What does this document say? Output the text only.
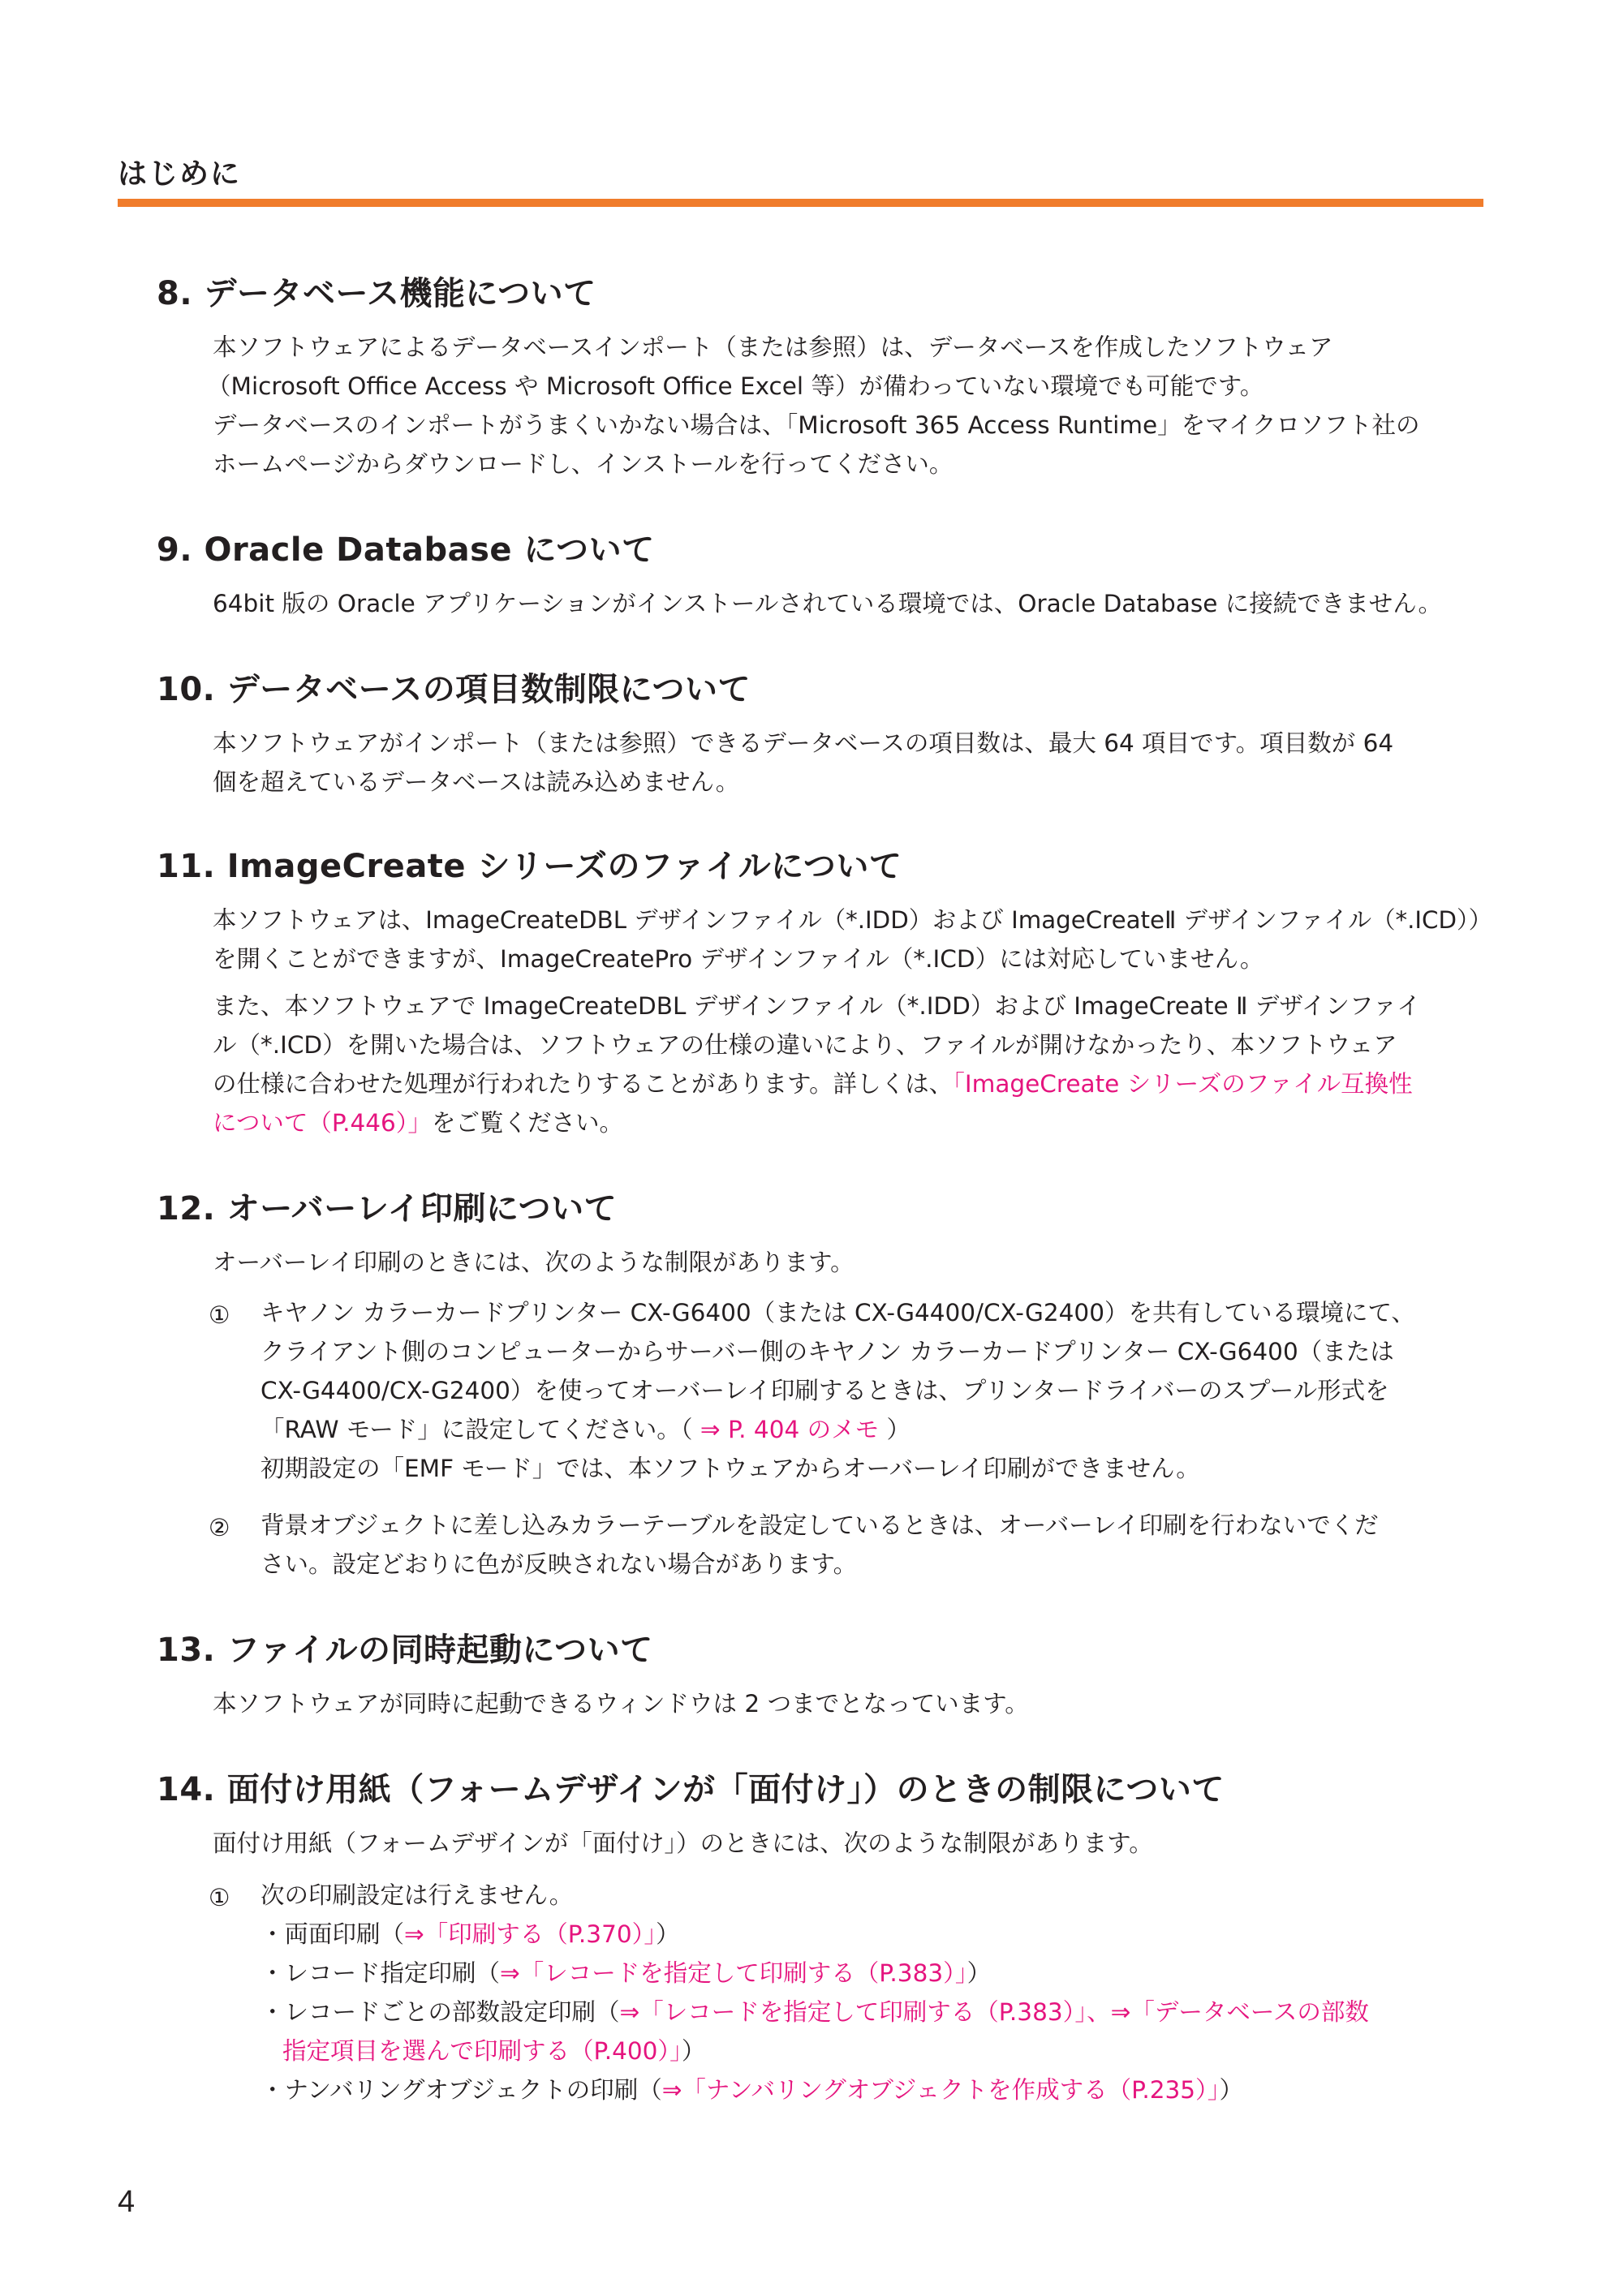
はじめに
8. データベース機能について
本ソフトウェアによるデータベースインポート（または参照）は、データベースを作成したソフトウェア
（Microsoft Office Access や Microsoft Office Excel 等）が備わっていない環境でも可能です。
データベースのインポートがうまくいかない場合は、「Microsoft 365 Access Runtime」をマイクロソフト社の
ホームページからダウンロードし、インストールを行ってください。
9. Oracle Database について
64bit 版の Oracle アプリケーションがインストールされている環境では、Oracle Database に接続できません。
10. データベースの項目数制限について
本ソフトウェアがインポート（または参照）できるデータベースの項目数は、最大 64 項目です。項目数が 64
個を超えているデータベースは読み込めません。
11. ImageCreate シリーズのファイルについて
本ソフトウェアは、ImageCreateDBL デザインファイル（*.IDD）および ImageCreateⅡ デザインファイル（*.ICD））
を開くことができますが、ImageCreatePro デザインファイル（*.ICD）には対応していません。
また、本ソフトウェアで ImageCreateDBL デザインファイル（*.IDD）および ImageCreate Ⅱ デザインファイ
ル（*.ICD）を開いた場合は、ソフトウェアの仕様の違いにより、ファイルが開けなかったり、本ソフトウェア
の仕様に合わせた処理が行われたりすることがあります。詳しくは、「ImageCreate シリーズのファイル互換性
について（P.446）」をご覧ください。
12. オーバーレイ印刷について
オーバーレイ印刷のときには、次のような制限があります。
① キヤノン カラーカードプリンター CX-G6400（または CX-G4400/CX-G2400）を共有している環境にて、
クライアント側のコンピューターからサーバー側のキヤノン カラーカードプリンター CX-G6400（または
CX-G4400/CX-G2400）を使ってオーバーレイ印刷するときは、プリンタードライバーのスプール形式を
「RAW モード」に設定してください。（ ⇒ P. 404 のメモ ）
初期設定の「EMF モード」では、本ソフトウェアからオーバーレイ印刷ができません。
② 背景オブジェクトに差し込みカラーテーブルを設定しているときは、オーバーレイ印刷を行わないでくだ
さい。設定どおりに色が反映されない場合があります。
13. ファイルの同時起動について
本ソフトウェアが同時に起動できるウィンドウは 2 つまでとなっています。
14. 面付け用紙（フォームデザインが「面付け」）のときの制限について
面付け用紙（フォームデザインが「面付け」）のときには、次のような制限があります。
① 次の印刷設定は行えません。
・両面印刷（⇒「印刷する（P.370）」）
・レコード指定印刷（⇒「レコードを指定して印刷する（P.383）」）
・レコードごとの部数設定印刷（⇒「レコードを指定して印刷する（P.383）」、⇒「データベースの部数
指定項目を選んで印刷する（P.400）」）
・ナンバリングオブジェクトの印刷（⇒「ナンバリングオブジェクトを作成する（P.235）」）
4
